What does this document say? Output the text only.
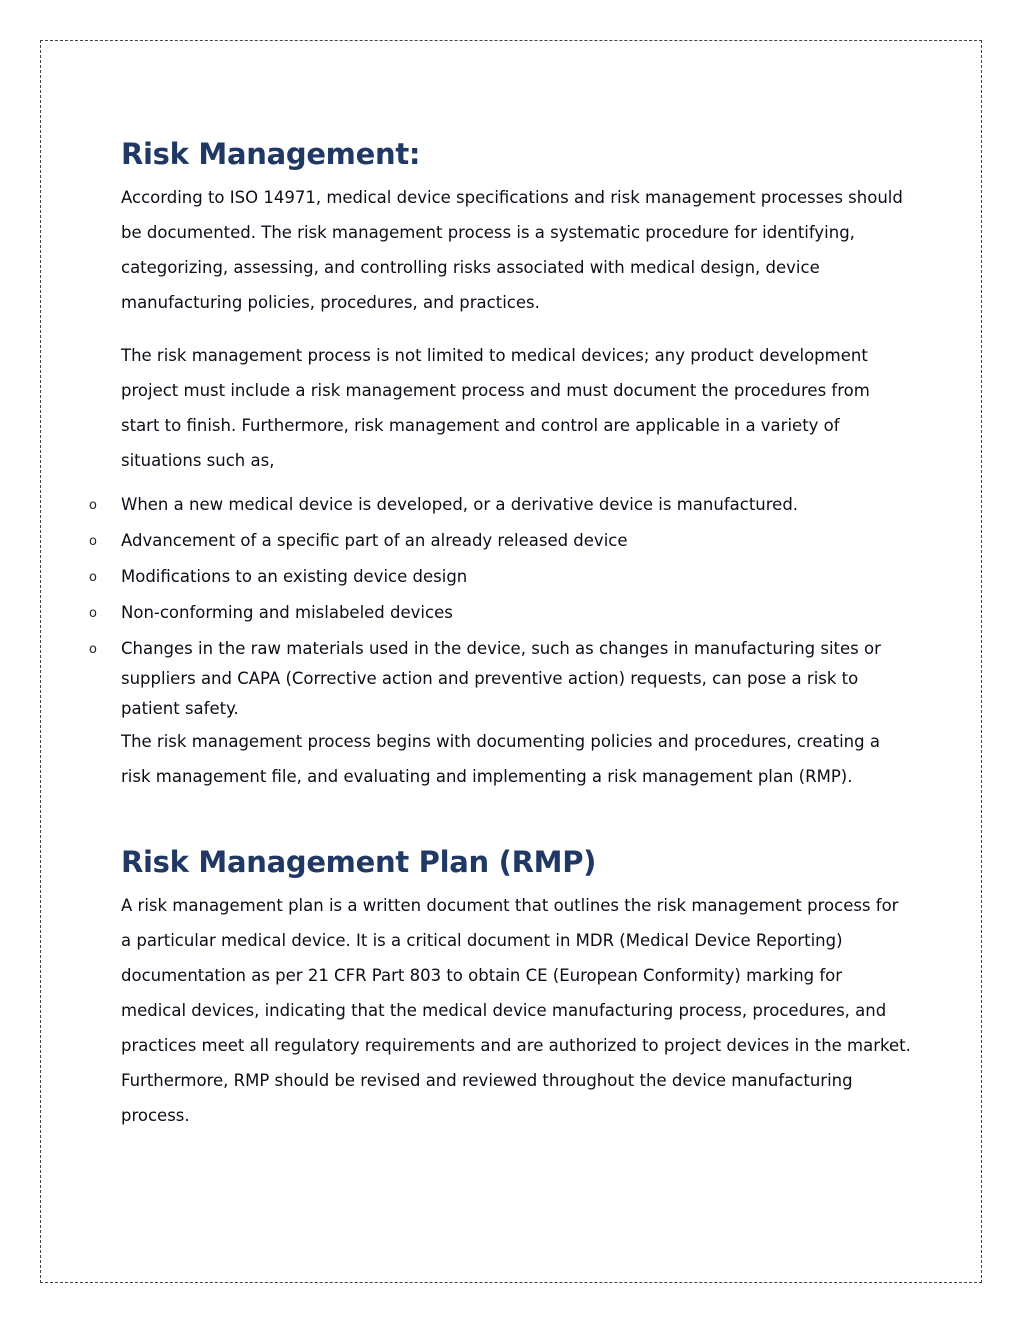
Risk Management:

According to ISO 14971, medical device specifications and risk management processes should be documented. The risk management process is a systematic procedure for identifying, categorizing, assessing, and controlling risks associated with medical design, device manufacturing policies, procedures, and practices.

The risk management process is not limited to medical devices; any product development project must include a risk management process and must document the procedures from start to finish. Furthermore, risk management and control are applicable in a variety of situations such as,

o When a new medical device is developed, or a derivative device is manufactured.
o Advancement of a specific part of an already released device
o Modifications to an existing device design
o Non-conforming and mislabeled devices
o Changes in the raw materials used in the device, such as changes in manufacturing sites or suppliers and CAPA (Corrective action and preventive action) requests, can pose a risk to patient safety.

The risk management process begins with documenting policies and procedures, creating a risk management file, and evaluating and implementing a risk management plan (RMP).

Risk Management Plan (RMP)

A risk management plan is a written document that outlines the risk management process for a particular medical device. It is a critical document in MDR (Medical Device Reporting) documentation as per 21 CFR Part 803 to obtain CE (European Conformity) marking for medical devices, indicating that the medical device manufacturing process, procedures, and practices meet all regulatory requirements and are authorized to project devices in the market. Furthermore, RMP should be revised and reviewed throughout the device manufacturing process.
